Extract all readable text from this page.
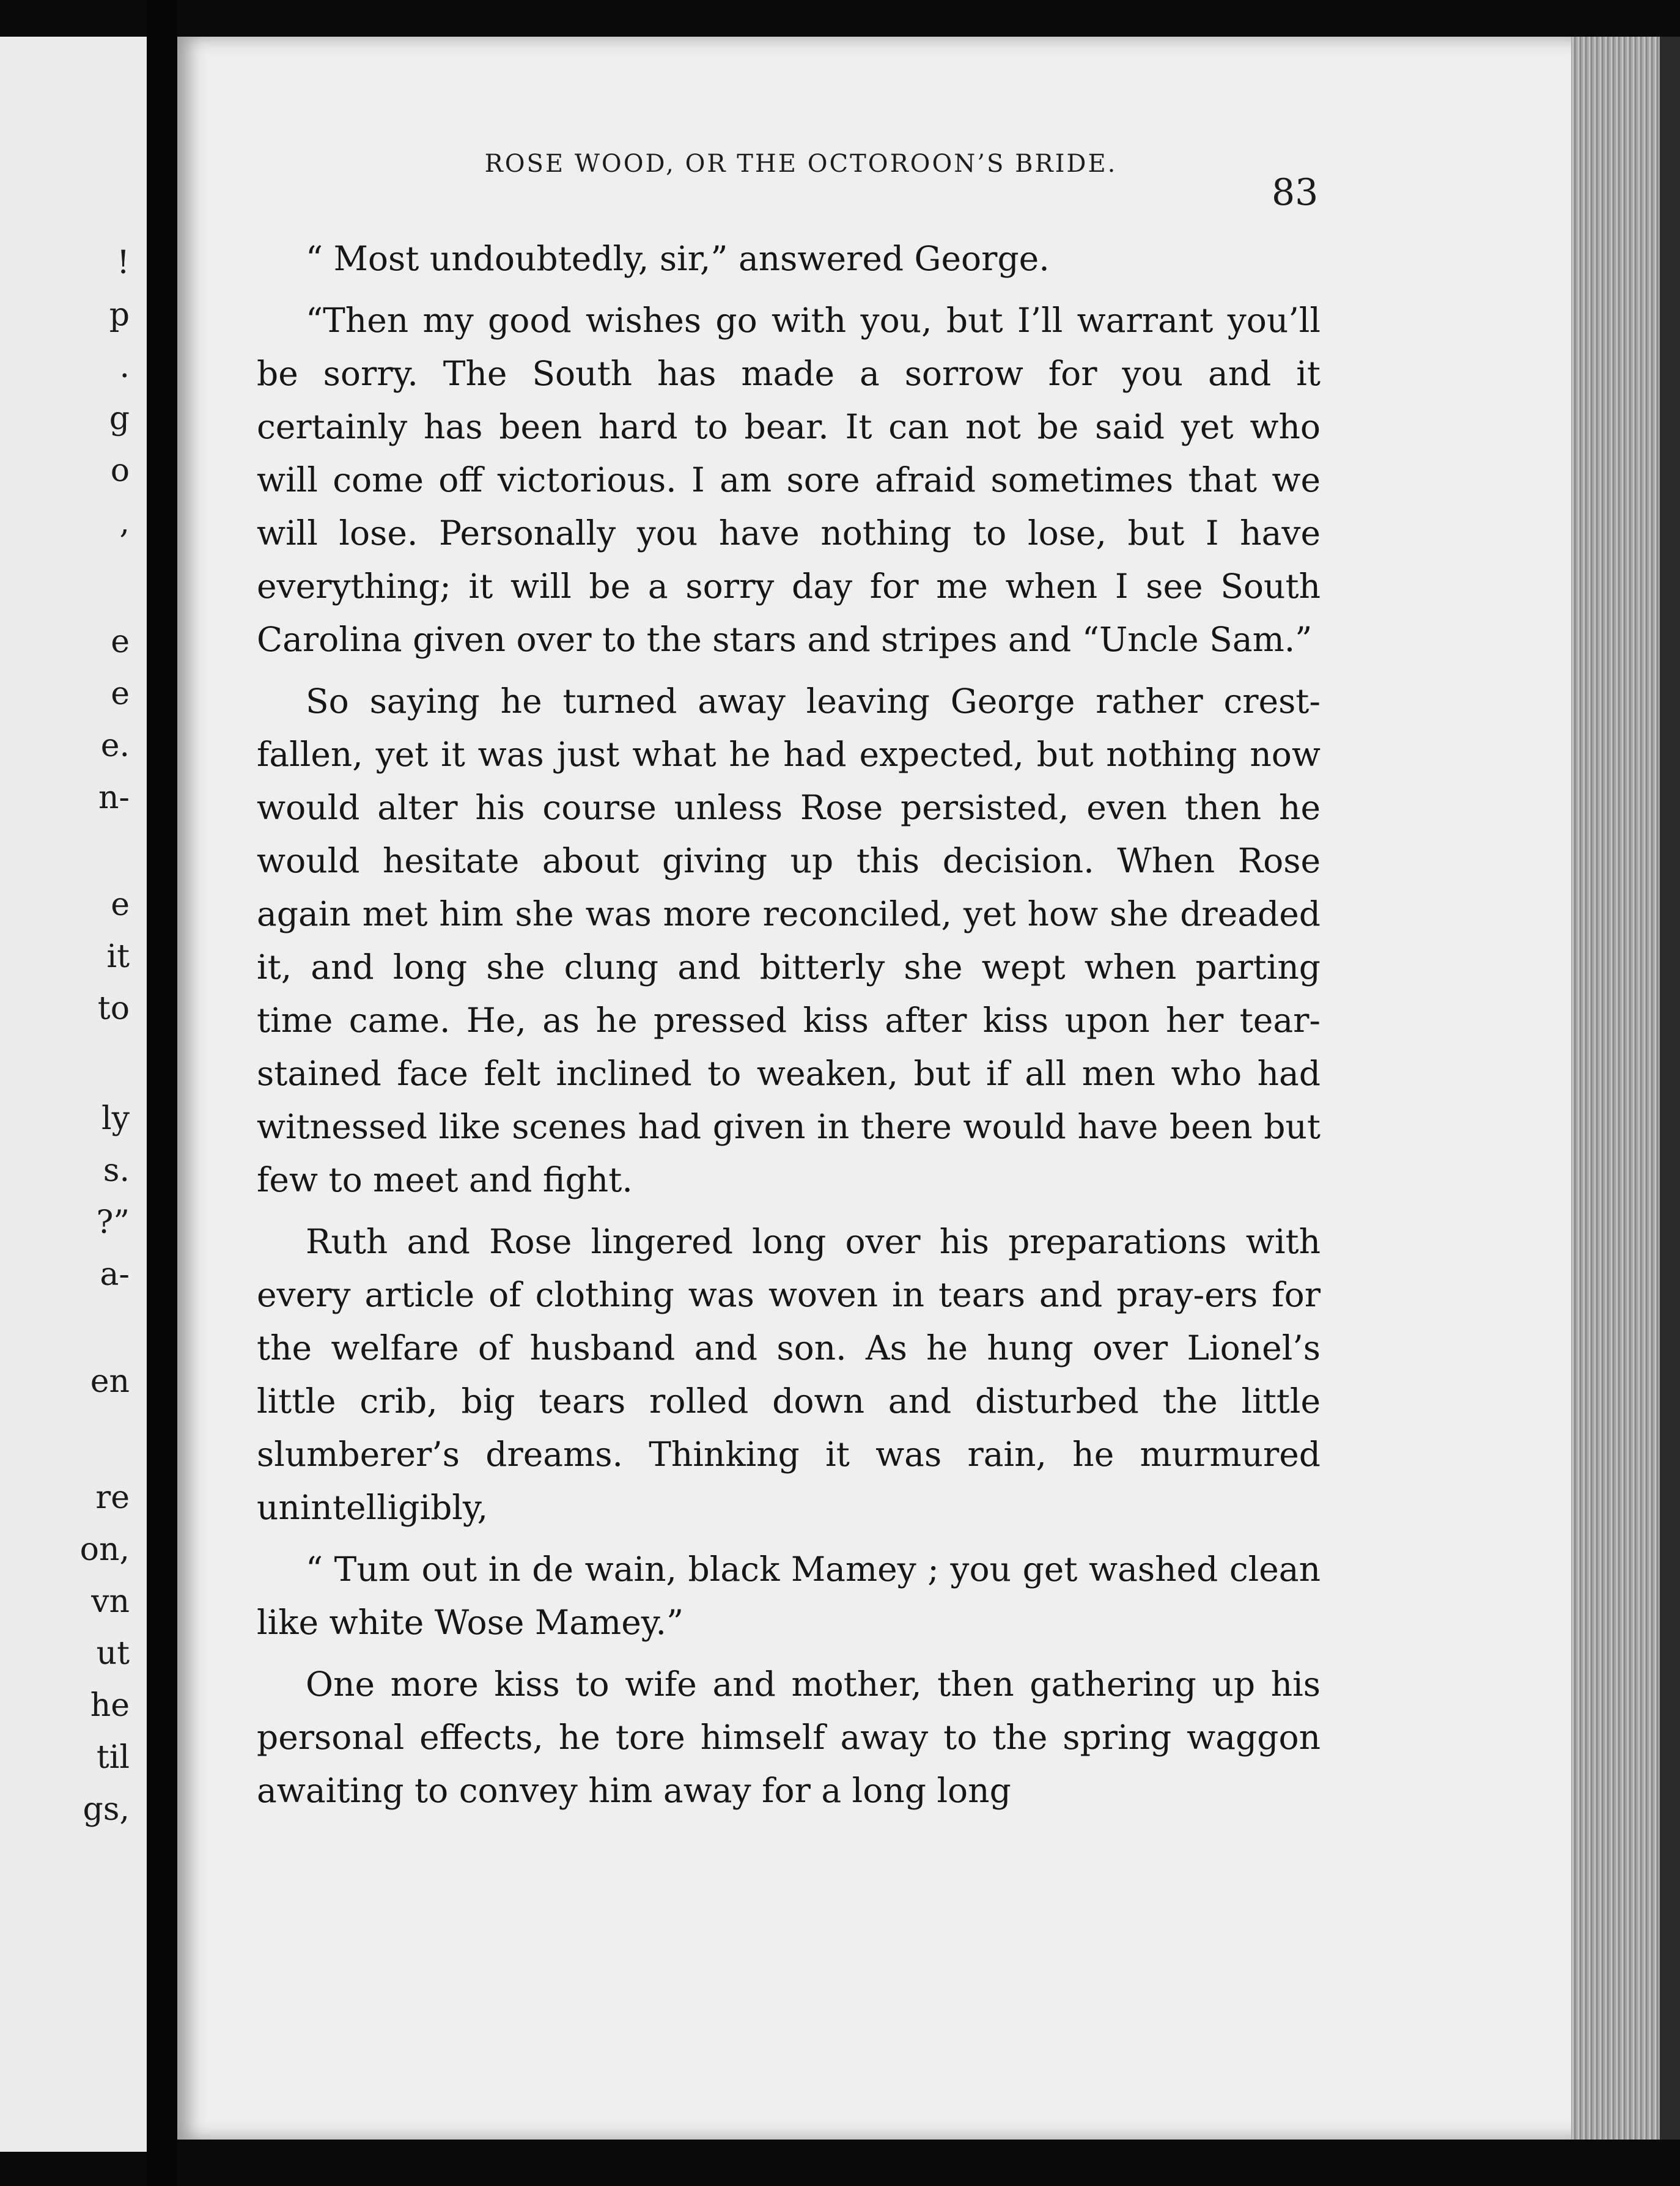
!
p
.
g
o
,
e
e
e.
n-
e
it
to
ly
s.
?”
a-
en
re
on,
vn
ut
he
til
gs,
ROSE WOOD, OR THE OCTOROON’S BRIDE.
83

“ Most undoubtedly, sir,” answered George.

“Then my good wishes go with you, but I’ll warrant you’ll be sorry. The South has made a sorrow for you and it certainly has been hard to bear. It can not be said yet who will come off victorious. I am sore afraid sometimes that we will lose. Personally you have nothing to lose, but I have everything; it will be a sorry day for me when I see South Carolina given over to the stars and stripes and “Uncle Sam.”

So saying he turned away leaving George rather crest-fallen, yet it was just what he had expected, but nothing now would alter his course unless Rose persisted, even then he would hesitate about giving up this decision. When Rose again met him she was more reconciled, yet how she dreaded it, and long she clung and bitterly she wept when parting time came. He, as he pressed kiss after kiss upon her tear-stained face felt inclined to weaken, but if all men who had witnessed like scenes had given in there would have been but few to meet and fight.

Ruth and Rose lingered long over his preparations with every article of clothing was woven in tears and pray-ers for the welfare of husband and son. As he hung over Lionel’s little crib, big tears rolled down and disturbed the little slumberer’s dreams. Thinking it was rain, he murmured unintelligibly,

“ Tum out in de wain, black Mamey ; you get washed clean like white Wose Mamey.”

One more kiss to wife and mother, then gathering up his personal effects, he tore himself away to the spring waggon awaiting to convey him away for a long long
